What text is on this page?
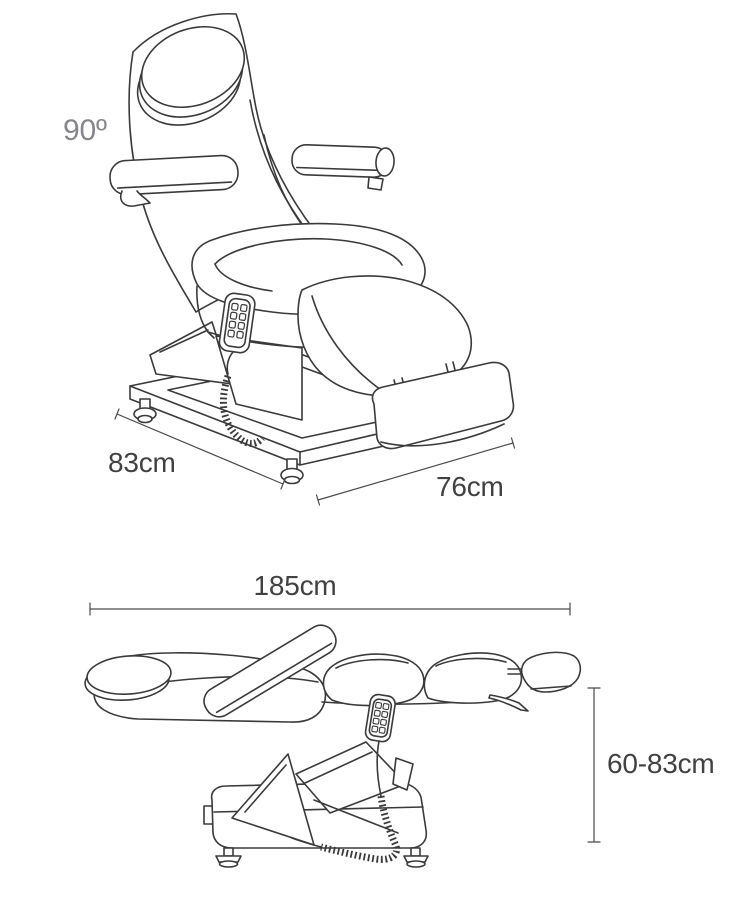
90º
83cm
76cm
185cm
60-83cm
